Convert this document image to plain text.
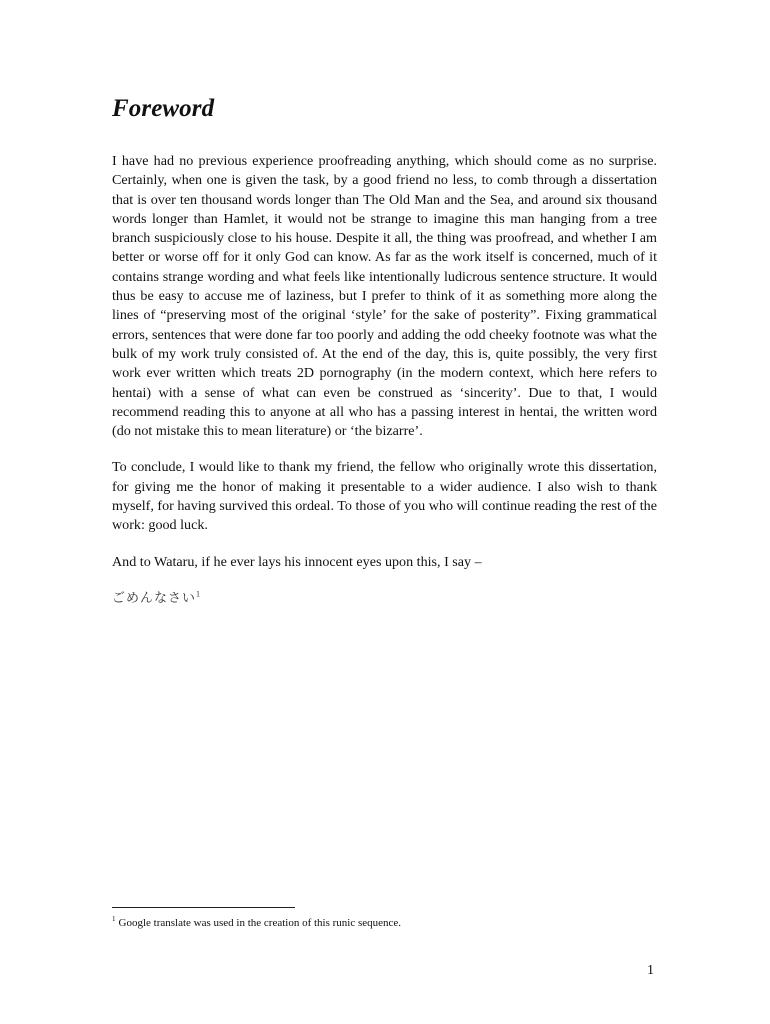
Foreword

I have had no previous experience proofreading anything, which should come as no surprise. Certainly, when one is given the task, by a good friend no less, to comb through a dissertation that is over ten thousand words longer than The Old Man and the Sea, and around six thousand words longer than Hamlet, it would not be strange to imagine this man hanging from a tree branch suspiciously close to his house. Despite it all, the thing was proofread, and whether I am better or worse off for it only God can know. As far as the work itself is concerned, much of it contains strange wording and what feels like intentionally ludicrous sentence structure. It would thus be easy to accuse me of laziness, but I prefer to think of it as something more along the lines of “preserving most of the original ‘style’ for the sake of posterity”. Fixing grammatical errors, sentences that were done far too poorly and adding the odd cheeky footnote was what the bulk of my work truly consisted of. At the end of the day, this is, quite possibly, the very first work ever written which treats 2D pornography (in the modern context, which here refers to hentai) with a sense of what can even be construed as ‘sincerity’. Due to that, I would recommend reading this to anyone at all who has a passing interest in hentai, the written word (do not mistake this to mean literature) or ‘the bizarre’.

To conclude, I would like to thank my friend, the fellow who originally wrote this dissertation, for giving me the honor of making it presentable to a wider audience. I also wish to thank myself, for having survived this ordeal. To those of you who will continue reading the rest of the work: good luck.

And to Wataru, if he ever lays his innocent eyes upon this, I say –

ごめんなさい$^1$

$^1$ Google translate was used in the creation of this runic sequence.

1
